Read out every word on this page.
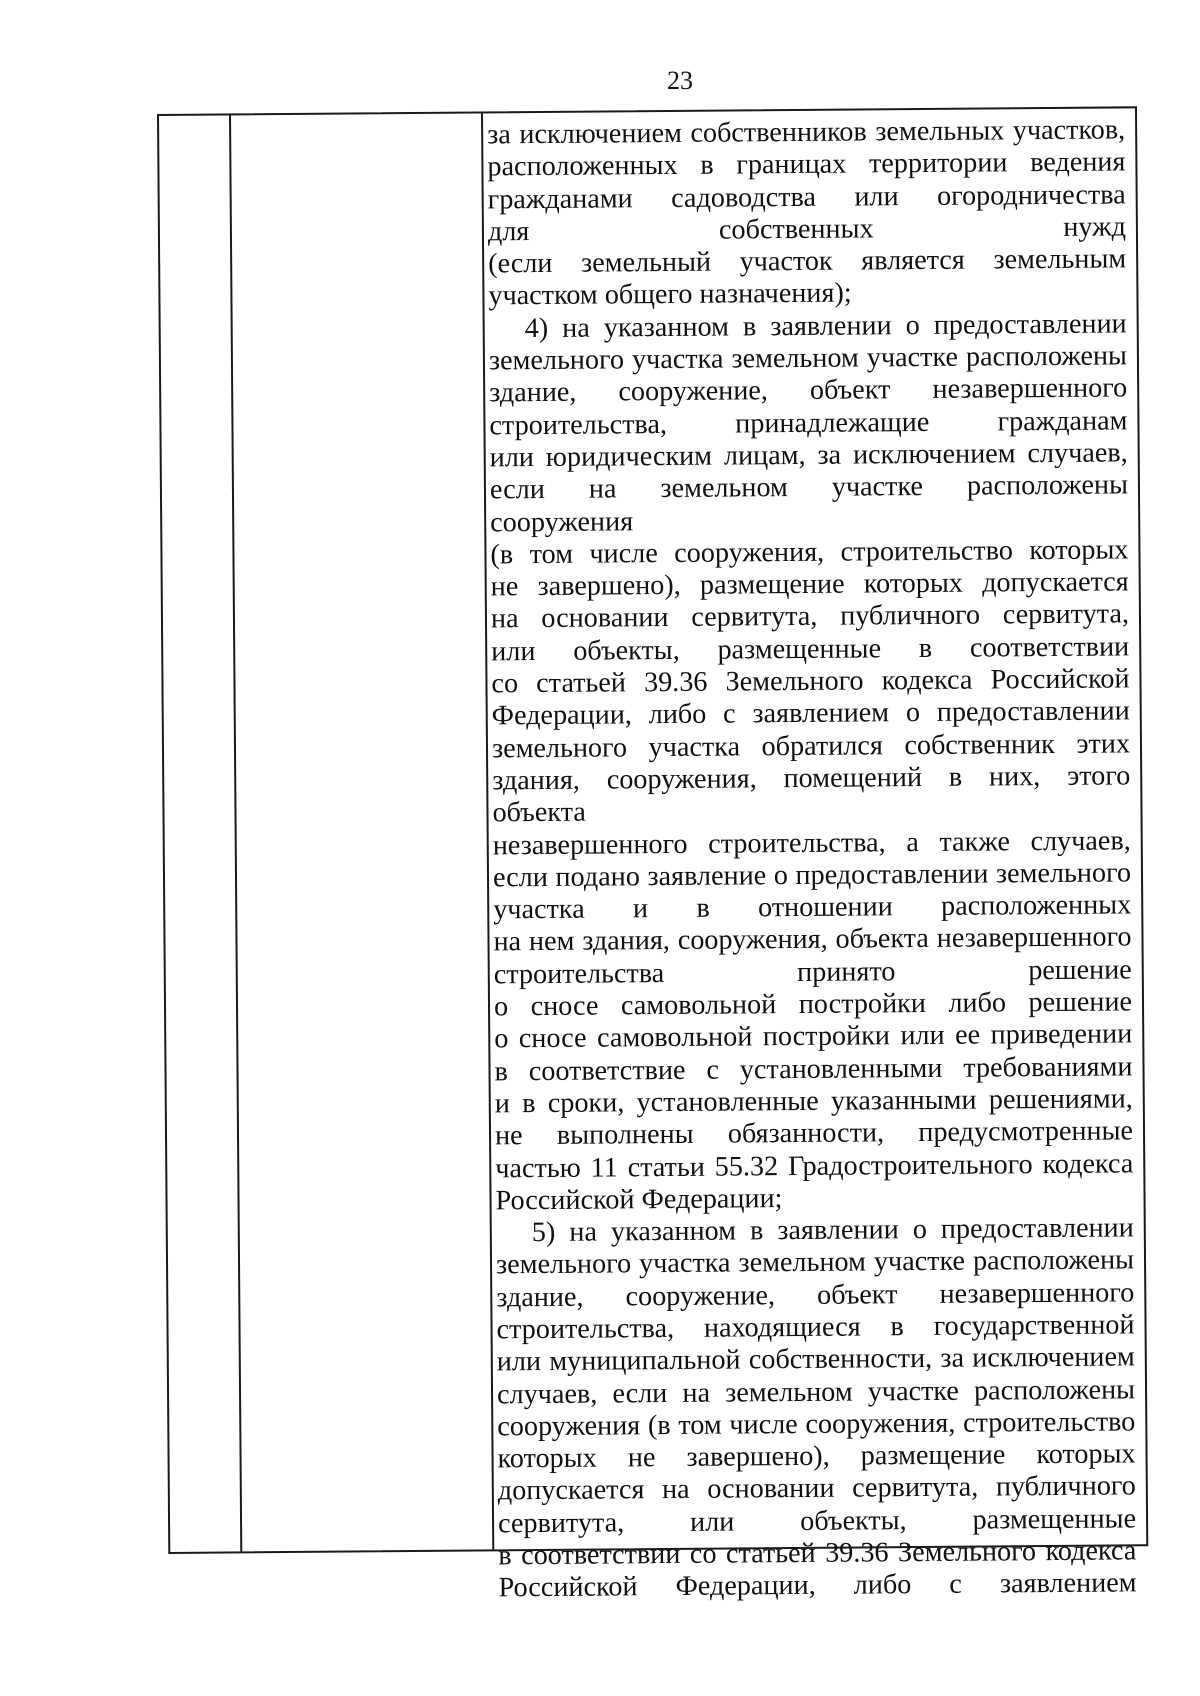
23

за исключением собственников земельных участков,

расположенных в границах территории ведения

гражданами садоводства или огородничества

для собственных нужд

(если земельный участок является земельным

участком общего назначения);

4) на указанном в заявлении о предоставлении

земельного участка земельном участке расположены

здание, сооружение, объект незавершенного

строительства, принадлежащие гражданам

или юридическим лицам, за исключением случаев,

если на земельном участке расположены сооружения

(в том числе сооружения, строительство которых

не завершено), размещение которых допускается

на основании сервитута, публичного сервитута,

или объекты, размещенные в соответствии

со статьей 39.36 Земельного кодекса Российской

Федерации, либо с заявлением о предоставлении

земельного участка обратился собственник этих

здания, сооружения, помещений в них, этого объекта

незавершенного строительства, а также случаев,

если подано заявление о предоставлении земельного

участка и в отношении расположенных

на нем здания, сооружения, объекта незавершенного

строительства принято решение

о сносе самовольной постройки либо решение

о сносе самовольной постройки или ее приведении

в соответствие с установленными требованиями

и в сроки, установленные указанными решениями,

не выполнены обязанности, предусмотренные

частью 11 статьи 55.32 Градостроительного кодекса

Российской Федерации;

5) на указанном в заявлении о предоставлении

земельного участка земельном участке расположены

здание, сооружение, объект незавершенного

строительства, находящиеся в государственной

или муниципальной собственности, за исключением

случаев, если на земельном участке расположены

сооружения (в том числе сооружения, строительство

которых не завершено), размещение которых

допускается на основании сервитута, публичного

сервитута, или объекты, размещенные

в соответствии со статьей 39.36 Земельного кодекса

Российской Федерации, либо с заявлением
